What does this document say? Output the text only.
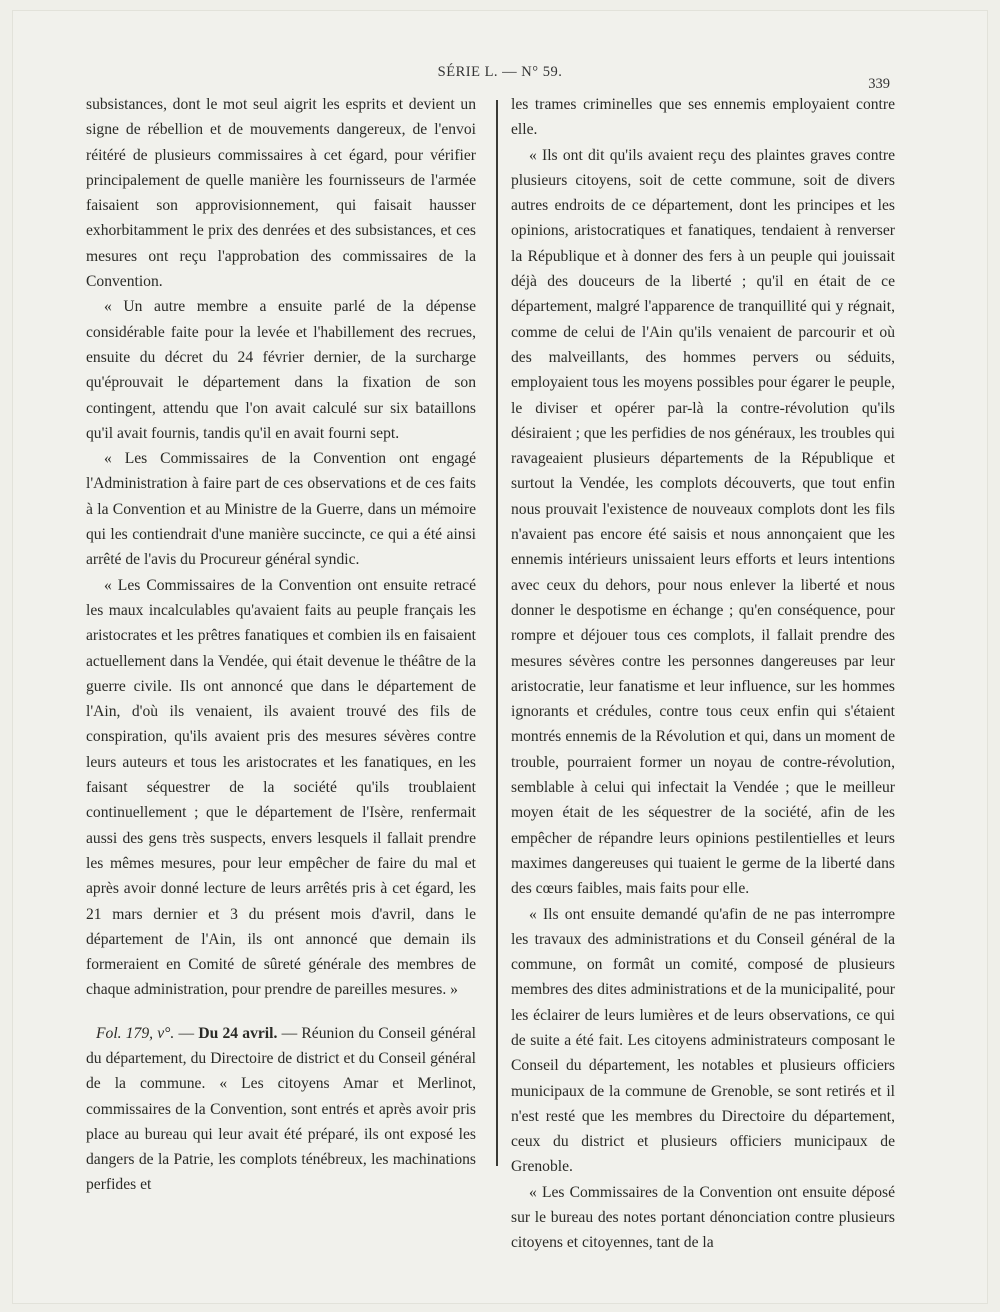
SÉRIE L. — N° 59.
339

subsistances, dont le mot seul aigrit les esprits et devient un signe de rébellion et de mouvements dangereux, de l'envoi réitéré de plusieurs commissaires à cet égard, pour vérifier principalement de quelle manière les fournisseurs de l'armée faisaient son approvisionnement, qui faisait hausser exhorbitamment le prix des denrées et des subsistances, et ces mesures ont reçu l'approbation des commissaires de la Convention.

« Un autre membre a ensuite parlé de la dépense considérable faite pour la levée et l'habillement des recrues, ensuite du décret du 24 février dernier, de la surcharge qu'éprouvait le département dans la fixation de son contingent, attendu que l'on avait calculé sur six bataillons qu'il avait fournis, tandis qu'il en avait fourni sept.

« Les Commissaires de la Convention ont engagé l'Administration à faire part de ces observations et de ces faits à la Convention et au Ministre de la Guerre, dans un mémoire qui les contiendrait d'une manière succincte, ce qui a été ainsi arrêté de l'avis du Procureur général syndic.

« Les Commissaires de la Convention ont ensuite retracé les maux incalculables qu'avaient faits au peuple français les aristocrates et les prêtres fanatiques et combien ils en faisaient actuellement dans la Vendée, qui était devenue le théâtre de la guerre civile. Ils ont annoncé que dans le département de l'Ain, d'où ils venaient, ils avaient trouvé des fils de conspiration, qu'ils avaient pris des mesures sévères contre leurs auteurs et tous les aristocrates et les fanatiques, en les faisant séquestrer de la société qu'ils troublaient continuellement ; que le département de l'Isère, renfermait aussi des gens très suspects, envers lesquels il fallait prendre les mêmes mesures, pour leur empêcher de faire du mal et après avoir donné lecture de leurs arrêtés pris à cet égard, les 21 mars dernier et 3 du présent mois d'avril, dans le département de l'Ain, ils ont annoncé que demain ils formeraient en Comité de sûreté générale des membres de chaque administration, pour prendre de pareilles mesures. »

Fol. 179, v°. — Du 24 avril. — Réunion du Conseil général du département, du Directoire de district et du Conseil général de la commune. « Les citoyens Amar et Merlinot, commissaires de la Convention, sont entrés et après avoir pris place au bureau qui leur avait été préparé, ils ont exposé les dangers de la Patrie, les complots ténébreux, les machinations perfides et

les trames criminelles que ses ennemis employaient contre elle.

« Ils ont dit qu'ils avaient reçu des plaintes graves contre plusieurs citoyens, soit de cette commune, soit de divers autres endroits de ce département, dont les principes et les opinions, aristocratiques et fanatiques, tendaient à renverser la République et à donner des fers à un peuple qui jouissait déjà des douceurs de la liberté ; qu'il en était de ce département, malgré l'apparence de tranquillité qui y régnait, comme de celui de l'Ain qu'ils venaient de parcourir et où des malveillants, des hommes pervers ou séduits, employaient tous les moyens possibles pour égarer le peuple, le diviser et opérer par-là la contre-révolution qu'ils désiraient ; que les perfidies de nos généraux, les troubles qui ravageaient plusieurs départements de la République et surtout la Vendée, les complots découverts, que tout enfin nous prouvait l'existence de nouveaux complots dont les fils n'avaient pas encore été saisis et nous annonçaient que les ennemis intérieurs unissaient leurs efforts et leurs intentions avec ceux du dehors, pour nous enlever la liberté et nous donner le despotisme en échange ; qu'en conséquence, pour rompre et déjouer tous ces complots, il fallait prendre des mesures sévères contre les personnes dangereuses par leur aristocratie, leur fanatisme et leur influence, sur les hommes ignorants et crédules, contre tous ceux enfin qui s'étaient montrés ennemis de la Révolution et qui, dans un moment de trouble, pourraient former un noyau de contre-révolution, semblable à celui qui infectait la Vendée ; que le meilleur moyen était de les séquestrer de la société, afin de les empêcher de répandre leurs opinions pestilentielles et leurs maximes dangereuses qui tuaient le germe de la liberté dans des cœurs faibles, mais faits pour elle.

« Ils ont ensuite demandé qu'afin de ne pas interrompre les travaux des administrations et du Conseil général de la commune, on formât un comité, composé de plusieurs membres des dites administrations et de la municipalité, pour les éclairer de leurs lumières et de leurs observations, ce qui de suite a été fait. Les citoyens administrateurs composant le Conseil du département, les notables et plusieurs officiers municipaux de la commune de Grenoble, se sont retirés et il n'est resté que les membres du Directoire du département, ceux du district et plusieurs officiers municipaux de Grenoble.

« Les Commissaires de la Convention ont ensuite déposé sur le bureau des notes portant dénonciation contre plusieurs citoyens et citoyennes, tant de la
